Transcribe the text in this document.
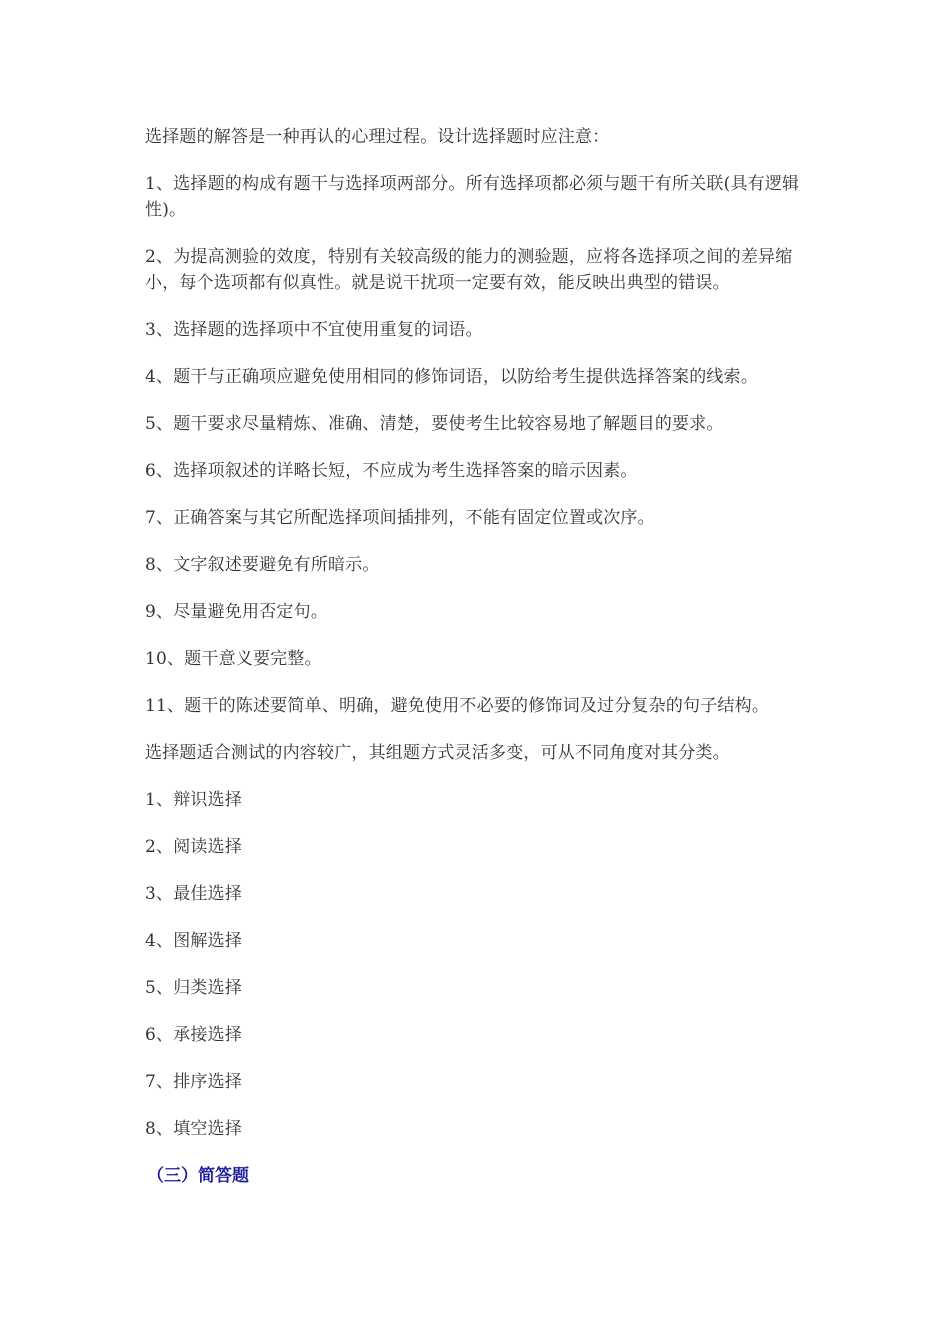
选择题的解答是一种再认的心理过程。设计选择题时应注意：

1、选择题的构成有题干与选择项两部分。所有选择项都必须与题干有所关联(具有逻辑性)。

2、为提高测验的效度，特别有关较高级的能力的测验题，应将各选择项之间的差异缩小，每个选项都有似真性。就是说干扰项一定要有效，能反映出典型的错误。

3、选择题的选择项中不宜使用重复的词语。

4、题干与正确项应避免使用相同的修饰词语，以防给考生提供选择答案的线索。

5、题干要求尽量精炼、准确、清楚，要使考生比较容易地了解题目的要求。

6、选择项叙述的详略长短，不应成为考生选择答案的暗示因素。

7、正确答案与其它所配选择项间插排列，不能有固定位置或次序。

8、文字叙述要避免有所暗示。

9、尽量避免用否定句。

10、题干意义要完整。

11、题干的陈述要简单、明确，避免使用不必要的修饰词及过分复杂的句子结构。

选择题适合测试的内容较广，其组题方式灵活多变，可从不同角度对其分类。

1、辩识选择

2、阅读选择

3、最佳选择

4、图解选择

5、归类选择

6、承接选择

7、排序选择

8、填空选择

（三）简答题
